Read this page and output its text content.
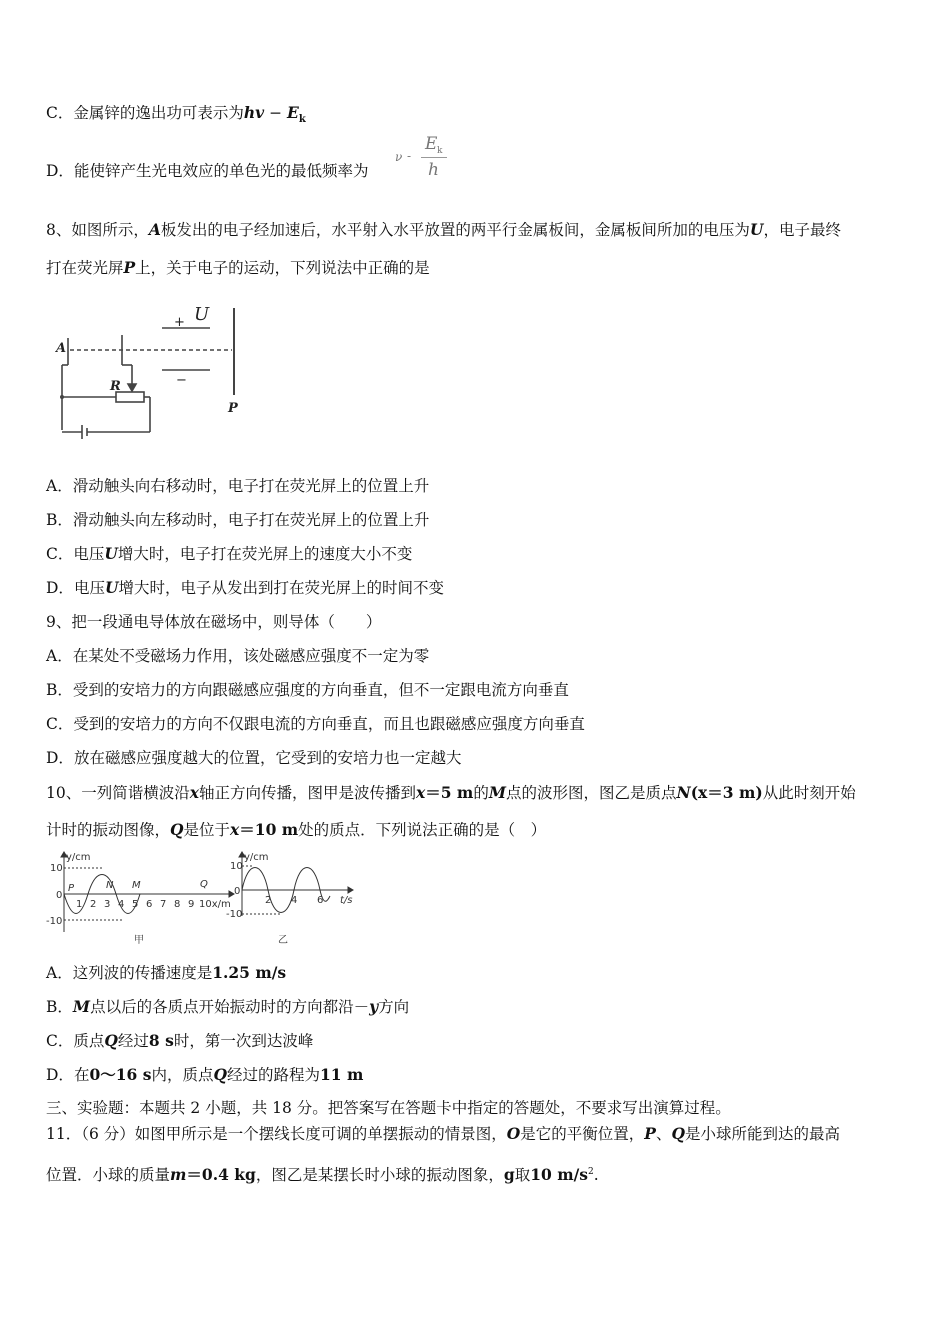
C．金属锌的逸出功可表示为hv − $E_k$
D．能使锌产生光电效应的单色光的最低频率为
ν -
E k
h
8、如图所示，A板发出的电子经加速后，水平射入水平放置的两平行金属板间，金属板间所加的电压为U，电子最终
打在荧光屏P上，关于电子的运动，下列说法中正确的是
A
R
+ U
−
P
A．滑动触头向右移动时，电子打在荧光屏上的位置上升
B．滑动触头向左移动时，电子打在荧光屏上的位置上升
C．电压U增大时，电子打在荧光屏上的速度大小不变
D．电压U增大时，电子从发出到打在荧光屏上的时间不变
9、把一段通电导体放在磁场中，则导体（　　）
A．在某处不受磁场力作用，该处磁感应强度不一定为零
B．受到的安培力的方向跟磁感应强度的方向垂直，但不一定跟电流方向垂直
C．受到的安培力的方向不仅跟电流的方向垂直，而且也跟磁感应强度方向垂直
D．放在磁感应强度越大的位置，它受到的安培力也一定越大
10、一列简谐横波沿x轴正方向传播，图甲是波传播到x＝5 m的M点的波形图，图乙是质点N(x＝3 m)从此时刻开始
计时的振动图像，Q是位于x＝10 m处的质点．下列说法正确的是（　）
y/cm
10
-10
0
1 2 3 4 5 6 7 8 9 10x/m
P	N M	Q
甲
y/cm
10
-10
0
2 4 6 t/s
乙
A．这列波的传播速度是1.25 m/s
B．M点以后的各质点开始振动时的方向都沿－y方向
C．质点Q经过8 s时，第一次到达波峰
D．在0～16 s内，质点Q经过的路程为11 m
三、实验题：本题共 2 小题，共 18 分。把答案写在答题卡中指定的答题处，不要求写出演算过程。
11．（6 分）如图甲所示是一个摆线长度可调的单摆振动的情景图，O是它的平衡位置，P、Q是小球所能到达的最高
位置．小球的质量m＝0.4 kg，图乙是某摆长时小球的振动图象，g取10 $m/s^2$.
